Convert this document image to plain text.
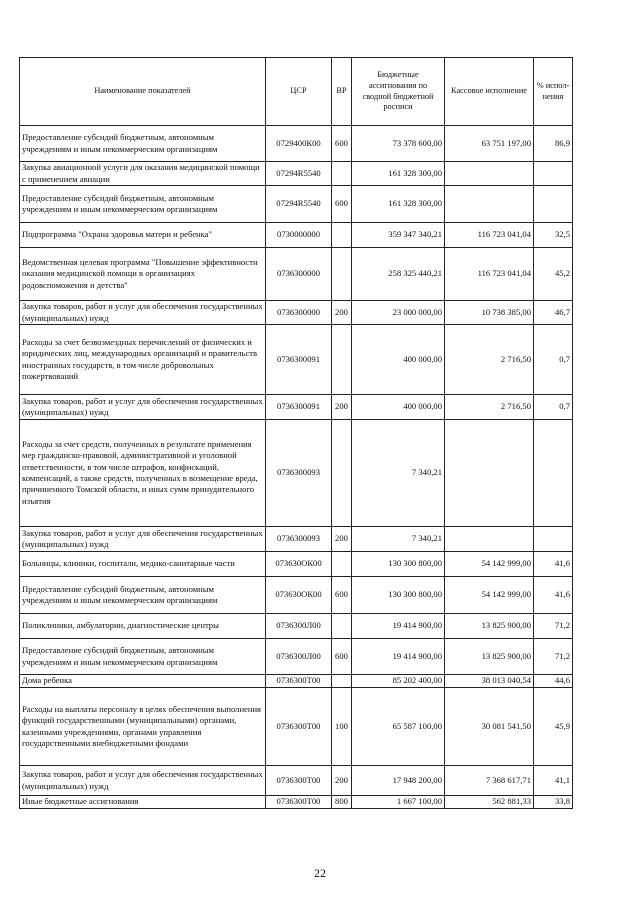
Наименование показателей	ЦСР	ВР	Бюджетные ассигнования по сводной бюджетной росписи	Кассовое исполнение	% испол- нения
Предоставление субсидий бюджетным, автономным учреждениям и иным некоммерческим организациям	0729400К00	600	73 378 600,00	63 751 197,00	86,9
Закупка авиационной услуги для оказания медицинской помощи с применением авиации	07294R5540		161 328 300,00		
Предоставление субсидий бюджетным, автономным учреждениям и иным некоммерческим организациям	07294R5540	600	161 328 300,00		
Подпрограмма "Охрана здоровья матери и ребенка"	0730000000		359 347 340,21	116 723 041,04	32,5
Ведомственная целевая программа "Повышение эффективности оказания медицинской помощи в организациях родовспоможения и детства"	0736300000		258 325 440,21	116 723 041,04	45,2
Закупка товаров, работ и услуг для обеспечения государственных (муниципальных) нужд	0736300000	200	23 000 000,00	10 738 385,00	46,7
Расходы за счет безвозмездных перечислений от физических и юридических лиц, международных организаций и правительств иностранных государств, в том числе добровольных пожертвований	0736300091		400 000,00	2 716,50	0,7
Закупка товаров, работ и услуг для обеспечения государственных (муниципальных) нужд	0736300091	200	400 000,00	2 716,50	0,7
Расходы за счет средств, полученных в результате применения мер гражданско-правовой, административной и уголовной ответственности, в том числе штрафов, конфискаций, компенсаций, а также средств, полученных в возмещение вреда, причиненного Томской области, и иных сумм принудительного изъятия	0736300093		7 340,21		
Закупка товаров, работ и услуг для обеспечения государственных (муниципальных) нужд	0736300093	200	7 340,21		
Больницы, клиники, госпитали, медико-санитарные части	073630ОК00		130 300 800,00	54 142 999,00	41,6
Предоставление субсидий бюджетным, автономным учреждениям и иным некоммерческим организациям	073630ОК00	600	130 300 800,00	54 142 999,00	41,6
Поликлиники, амбулатории, диагностические центры	0736300Л00		19 414 900,00	13 825 900,00	71,2
Предоставление субсидий бюджетным, автономным учреждениям и иным некоммерческим организациям	0736300Л00	600	19 414 900,00	13 825 900,00	71,2
Дома ребенка	0736300Т00		85 202 400,00	38 013 040,54	44,6
Расходы на выплаты персоналу в целях обеспечения выполнения функций государственными (муниципальными) органами, казенными учреждениями, органами управления государственными внебюджетными фондами	0736300Т00	100	65 587 100,00	30 081 541,50	45,9
Закупка товаров, работ и услуг для обеспечения государственных (муниципальных) нужд	0736300Т00	200	17 948 200,00	7 368 617,71	41,1
Иные бюджетные ассигнования	0736300Т00	800	1 667 100,00	562 881,33	33,8
22
